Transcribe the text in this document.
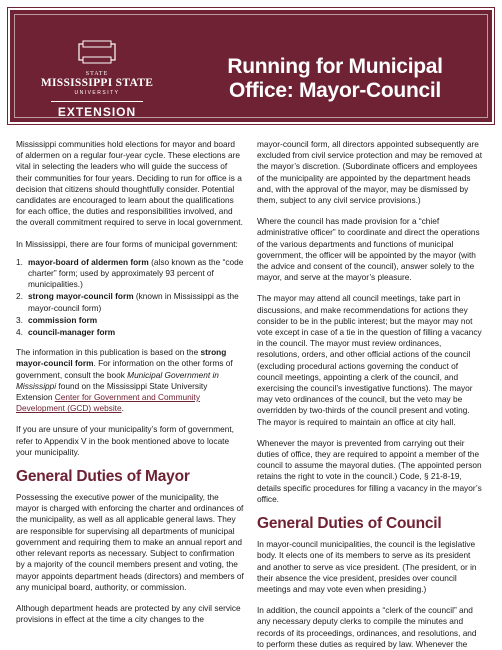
STATE
MISSISSIPPI STATE
UNIVERSITY
EXTENSION
Running for Municipal
Office: Mayor-Council

Mississippi communities hold elections for mayor and board of aldermen on a regular four-year cycle. These elections are vital in selecting the leaders who will guide the success of their communities for four years. Deciding to run for office is a decision that citizens should thoughtfully consider. Potential candidates are encouraged to learn about the qualifications for each office, the duties and responsibilities involved, and the overall commitment required to serve in local government.

In Mississippi, there are four forms of municipal government:

1. mayor-board of aldermen form (also known as the “code charter” form; used by approximately 93 percent of municipalities.)
2. strong mayor-council form (known in Mississippi as the mayor-council form)
3. commission form
4. council-manager form

The information in this publication is based on the strong mayor-council form. For information on the other forms of government, consult the book Municipal Government in Mississippi found on the Mississippi State University Extension Center for Government and Community Development (GCD) website.

If you are unsure of your municipality’s form of government, refer to Appendix V in the book mentioned above to locate your municipality.

General Duties of Mayor

Possessing the executive power of the municipality, the mayor is charged with enforcing the charter and ordinances of the municipality, as well as all applicable general laws. They are responsible for supervising all departments of municipal government and requiring them to make an annual report and other relevant reports as necessary. Subject to confirmation by a majority of the council members present and voting, the mayor appoints department heads (directors) and members of any municipal board, authority, or commission.

Although department heads are protected by any civil service provisions in effect at the time a city changes to the

mayor-council form, all directors appointed subsequently are excluded from civil service protection and may be removed at the mayor’s discretion. (Subordinate officers and employees of the municipality are appointed by the department heads and, with the approval of the mayor, may be dismissed by them, subject to any civil service provisions.)

Where the council has made provision for a “chief administrative officer” to coordinate and direct the operations of the various departments and functions of municipal government, the officer will be appointed by the mayor (with the advice and consent of the council), answer solely to the mayor, and serve at the mayor’s pleasure.

The mayor may attend all council meetings, take part in discussions, and make recommendations for actions they consider to be in the public interest; but the mayor may not vote except in case of a tie in the question of filling a vacancy in the council. The mayor must review ordinances, resolutions, orders, and other official actions of the council (excluding procedural actions governing the conduct of council meetings, appointing a clerk of the council, and exercising the council’s investigative functions). The mayor may veto ordinances of the council, but the veto may be overridden by two-thirds of the council present and voting. The mayor is required to maintain an office at city hall.

Whenever the mayor is prevented from carrying out their duties of office, they are required to appoint a member of the council to assume the mayoral duties. (The appointed person retains the right to vote in the council.) Code, § 21-8-19, details specific procedures for filling a vacancy in the mayor’s office.

General Duties of Council

In mayor-council municipalities, the council is the legislative body. It elects one of its members to serve as its president and another to serve as vice president. (The president, or in their absence the vice president, presides over council meetings and may vote even when presiding.)

In addition, the council appoints a “clerk of the council” and any necessary deputy clerks to compile the minutes and records of its proceedings, ordinances, and resolutions, and to perform these duties as required by law. Whenever the
